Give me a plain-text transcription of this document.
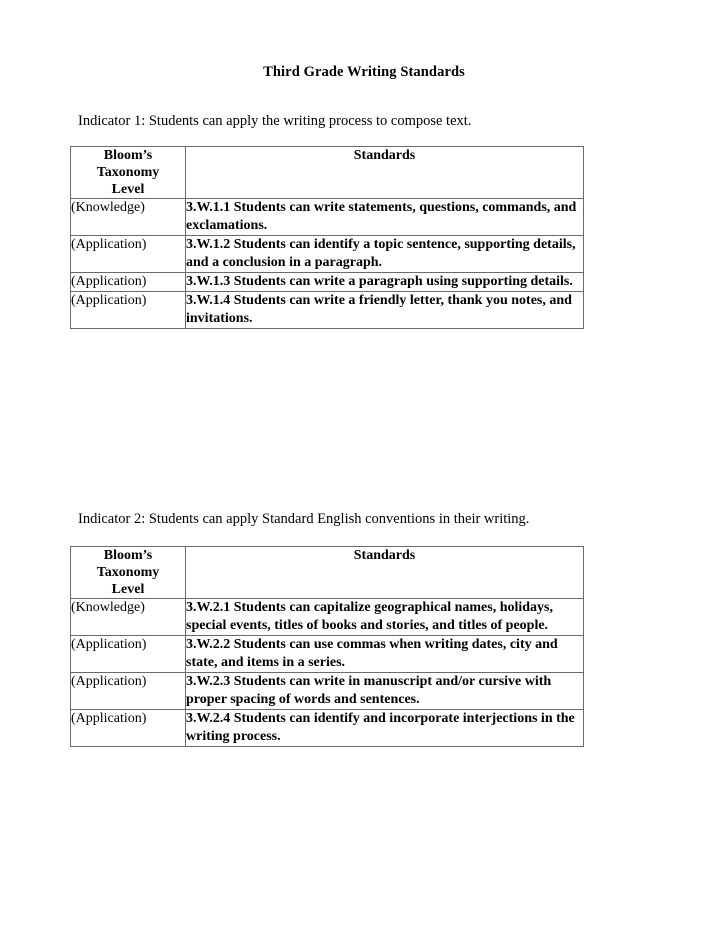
Third Grade Writing Standards
Indicator 1: Students can apply the writing process to compose text.
Bloom’s
Taxonomy
Level	Standards
(Knowledge)	3.W.1.1 Students can write statements, questions, commands, and exclamations.
(Application)	3.W.1.2 Students can identify a topic sentence, supporting details, and a conclusion in a paragraph.
(Application)	3.W.1.3 Students can write a paragraph using supporting details.
(Application)	3.W.1.4 Students can write a friendly letter, thank you notes, and invitations.
Indicator 2: Students can apply Standard English conventions in their writing.
Bloom’s
Taxonomy
Level	Standards
(Knowledge)	3.W.2.1 Students can capitalize geographical names, holidays, special events, titles of books and stories, and titles of people.
(Application)	3.W.2.2 Students can use commas when writing dates, city and state, and items in a series.
(Application)	3.W.2.3 Students can write in manuscript and/or cursive with proper spacing of words and sentences.
(Application)	3.W.2.4 Students can identify and incorporate interjections in the writing process.
